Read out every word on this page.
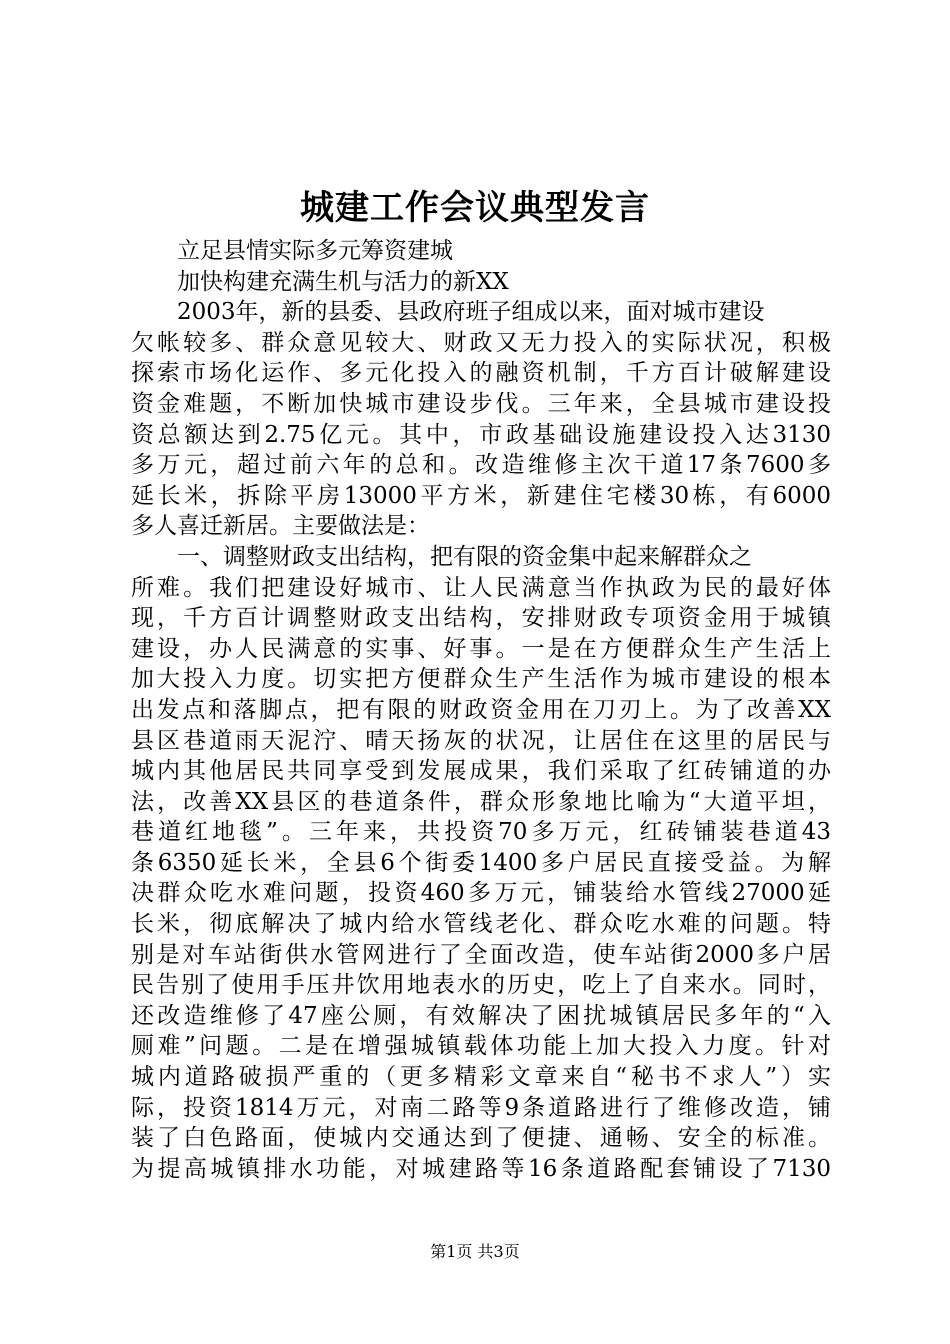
城建工作会议典型发言
立足县情实际多元筹资建城
加快构建充满生机与活力的新XX
2003年，新的县委、县政府班子组成以来，面对城市建设
欠帐较多、群众意见较大、财政又无力投入的实际状况，积极
探索市场化运作、多元化投入的融资机制，千方百计破解建设
资金难题，不断加快城市建设步伐。三年来，全县城市建设投
资总额达到2.75亿元。其中，市政基础设施建设投入达3130
多万元，超过前六年的总和。改造维修主次干道17条7600多
延长米，拆除平房13000平方米，新建住宅楼30栋，有6000
多人喜迁新居。主要做法是：
一、调整财政支出结构，把有限的资金集中起来解群众之
所难。我们把建设好城市、让人民满意当作执政为民的最好体
现，千方百计调整财政支出结构，安排财政专项资金用于城镇
建设，办人民满意的实事、好事。一是在方便群众生产生活上
加大投入力度。切实把方便群众生产生活作为城市建设的根本
出发点和落脚点，把有限的财政资金用在刀刃上。为了改善XX
县区巷道雨天泥泞、晴天扬灰的状况，让居住在这里的居民与
城内其他居民共同享受到发展成果，我们采取了红砖铺道的办
法，改善XX县区的巷道条件，群众形象地比喻为“大道平坦，
巷道红地毯”。三年来，共投资70多万元，红砖铺装巷道43
条6350延长米，全县6个街委1400多户居民直接受益。为解
决群众吃水难问题，投资460多万元，铺装给水管线27000延
长米，彻底解决了城内给水管线老化、群众吃水难的问题。特
别是对车站街供水管网进行了全面改造，使车站街2000多户居
民告别了使用手压井饮用地表水的历史，吃上了自来水。同时，
还改造维修了47座公厕，有效解决了困扰城镇居民多年的“入
厕难”问题。二是在增强城镇载体功能上加大投入力度。针对
城内道路破损严重的（更多精彩文章来自“秘书不求人”）实
际，投资1814万元，对南二路等9条道路进行了维修改造，铺
装了白色路面，使城内交通达到了便捷、通畅、安全的标准。
为提高城镇排水功能，对城建路等16条道路配套铺设了7130
第1页 共3页
